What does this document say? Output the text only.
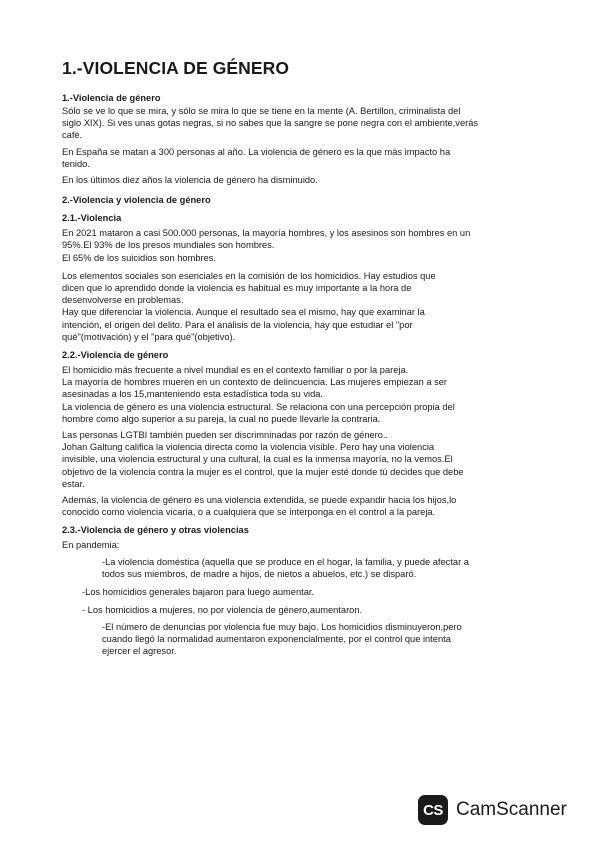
1.-VIOLENCIA DE GÉNERO
1.-Violencia de género

Sólo se ve lo que se mira, y sólo se mira lo que se tiene en la mente (A. Bertillon, criminalista del

siglo XIX). Si ves unas gotas negras, si no sabes que la sangre se pone negra con el ambiente,verás

café.

En España se matan a 300 personas al año. La violencia de género es la que más impacto ha

tenido.

En los últimos diez años la violencia de género ha disminuido.

2.-Violencia y violencia de género
2.1.-Violencia

En 2021 mataron a casi 500.000 personas, la mayoría hombres, y los asesinos son hombres en un

95%.El 93% de los presos mundiales son hombres.

El 65% de los suicidios son hombres.

Los elementos sociales son esenciales en la comisión de los homicidios. Hay estudios que

dicen que lo aprendido donde la violencia es habitual es muy importante a la hora de

desenvolverse en problemas.

Hay que diferenciar la violencia. Aunque el resultado sea el mismo, hay que examinar la

intención, el origen del delito. Para el análisis de la violencia, hay que estudiar el "por

qué"(motivación) y el "para qué"(objetivo).

2.2.-Violencia de género

El homicidio más frecuente a nivel mundial es en el contexto familiar o por la pareja.

La mayoría de hombres mueren en un contexto de delincuencia. Las mujeres empiezan a ser

asesinadas a los 15,manteniendo esta estadística toda su vida.

La violencia de género es una violencia estructural. Se relaciona con una percepción propia del

hombre como algo superior a su pareja, la cual no puede llevarle la contraria.

Las personas LGTBI también pueden ser discrimninadas por razón de género..

Johan Galtung califica la violencia directa como la violencia visible. Pero hay una violencia

invisible, una violencia estructural y una cultural, la cual es la inmensa mayoría, no la vemos.El

objetivo de la violencia contra la mujer es el control, que la mujer esté donde tú decides que debe

estar.

Además, la violencia de género es una violencia extendida, se puede expandir hacia los hijos,lo

conocido como violencia vicaria, o a cualquiera que se interponga en el control a la pareja.

2.3.-Violencia de género y otras violencias

En pandemia:

-La violencia doméstica (aquella que se produce en el hogar, la familia, y puede afectar a

todos sus miembros, de madre a hijos, de nietos a abuelos, etc.) se disparó.

-Los homicidios generales bajaron para luego aumentar.

- Los homicidios a mujeres, no por violencia de género,aumentaron.

-El número de denuncias por violencia fue muy bajo. Los homicidios disminuyeron,pero

cuando llegó la normalidad aumentaron exponencialmente, por el control que intenta

ejercer el agresor.

CS CamScanner
